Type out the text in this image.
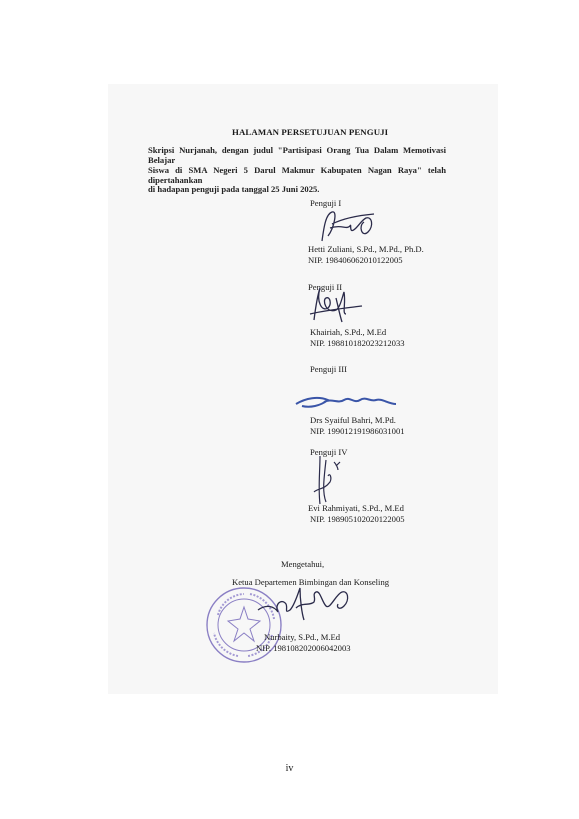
HALAMAN PERSETUJUAN PENGUJI
Skripsi Nurjanah, dengan judul "Partisipasi Orang Tua Dalam Memotivasi Belajar
Siswa di SMA Negeri 5 Darul Makmur Kabupaten Nagan Raya" telah dipertahankan
di hadapan penguji pada tanggal 25 Juni 2025.
Penguji I
Hetti Zuliani, S.Pd., M.Pd., Ph.D.
NIP. 198406062010122005
Penguji II
Khairiah, S.Pd., M.Ed
NIP. 198810182023212033
Penguji III
Drs Syaiful Bahri, M.Pd.
NIP. 199012191986031001
Penguji IV
Evi Rahmiyati, S.Pd., M.Ed
NIP. 198905102020122005
Mengetahui,
Ketua Departemen Bimbingan dan Konseling
Nurbaity, S.Pd., M.Ed
NIP. 198108202006042003
iv
